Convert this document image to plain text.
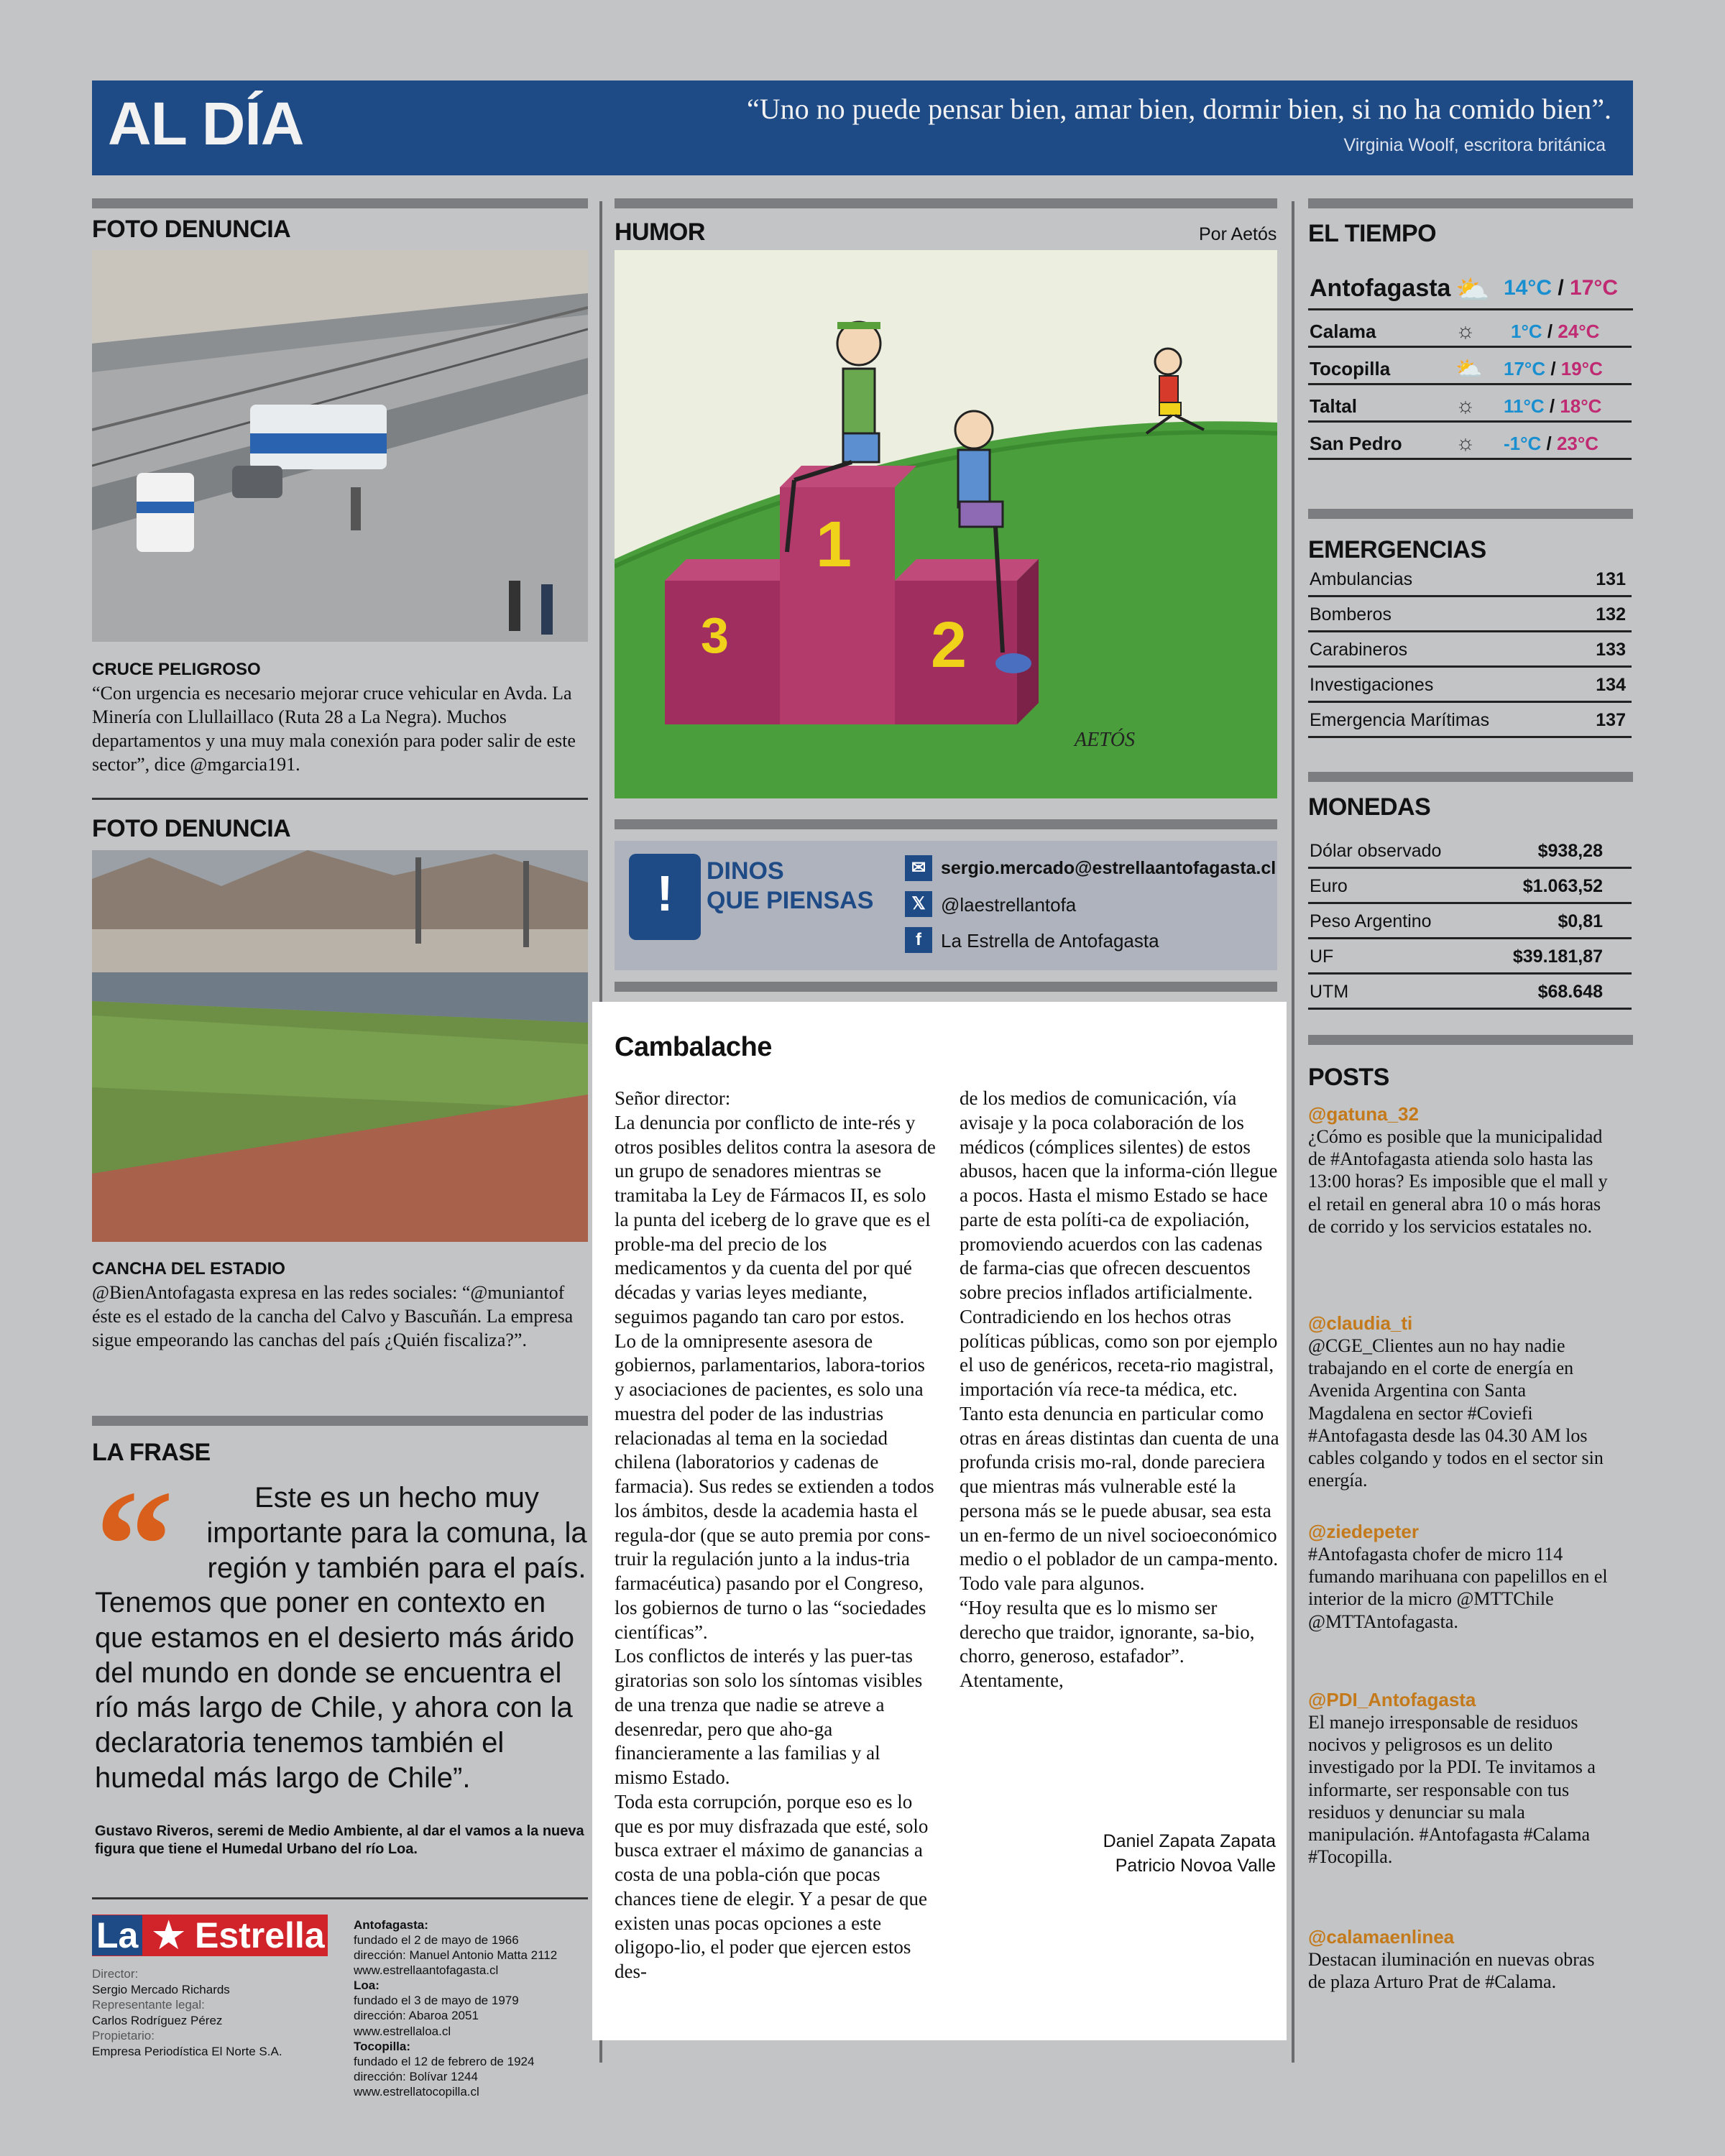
AL DÍA	“Uno no puede pensar bien, amar bien, dormir bien, si no ha comido bien”.
Virginia Woolf, escritora británica
FOTO DENUNCIA
CRUCE PELIGROSO
“Con urgencia es necesario mejorar cruce vehicular en Avda. La Minería con Llullaillaco (Ruta 28 a La Negra). Muchos departamentos y una muy mala conexión para poder salir de este sector”, dice @mgarcia191.
FOTO DENUNCIA
CANCHA DEL ESTADIO
@BienAntofagasta expresa en las redes sociales: “@muniantof éste es el estado de la cancha del Calvo y Bascuñán. La empresa sigue empeorando las canchas del país ¿Quién fiscaliza?”.
LA FRASE
“	Este es un hecho muy importante para la comuna, la región y también para el país.
Tenemos que poner en contexto en que estamos en el desierto más árido del mundo en donde se encuentra el río más largo de Chile, y ahora con la declaratoria tenemos también el humedal más largo de Chile”.
Gustavo Riveros, seremi de Medio Ambiente, al dar el vamos a la nueva figura que tiene el Humedal Urbano del río Loa.
La ★ Estrella
Director:
Sergio Mercado Richards
Representante legal:
Carlos Rodríguez Pérez
Propietario:
Empresa Periodística El Norte S.A.
Antofagasta:
fundado el 2 de mayo de 1966
dirección: Manuel Antonio Matta 2112
www.estrellaantofagasta.cl
Loa:
fundado el 3 de mayo de 1979
dirección: Abaroa 2051
www.estrellaloa.cl
Tocopilla:
fundado el 12 de febrero de 1924
dirección: Bolívar 1244
www.estrellatocopilla.cl
HUMOR	Por Aetós
1
2
3
AETÓS
!	DINOS
QUE PIENSAS
✉ sergio.mercado@estrellaantofagasta.cl
𝕏 @laestrellantofa
f	La Estrella de Antofagasta
Cambalache
Señor director:
La denuncia por conflicto de inte-rés y otros posibles delitos contra la asesora de un grupo de senadores mientras se tramitaba la Ley de Fármacos II, es solo la punta del iceberg de lo grave que es el proble-ma del precio de los medicamentos y da cuenta del por qué décadas y varias leyes mediante, seguimos pagando tan caro por estos.
Lo de la omnipresente asesora de gobiernos, parlamentarios, labora-torios y asociaciones de pacientes, es solo una muestra del poder de las industrias relacionadas al tema en la sociedad chilena (laboratorios y cadenas de farmacia). Sus redes se extienden a todos los ámbitos, desde la academia hasta el regula-dor (que se auto premia por cons-truir la regulación junto a la indus-tria farmacéutica) pasando por el Congreso, los gobiernos de turno o las “sociedades científicas”.
Los conflictos de interés y las puer-tas giratorias son solo los síntomas visibles de una trenza que nadie se atreve a desenredar, pero que aho-ga financieramente a las familias y al mismo Estado.
Toda esta corrupción, porque eso es lo que es por muy disfrazada que esté, solo busca extraer el máximo de ganancias a costa de una pobla-ción que pocas chances tiene de elegir. Y a pesar de que existen unas pocas opciones a este oligopo-lio, el poder que ejercen estos des-
de los medios de comunicación, vía avisaje y la poca colaboración de los médicos (cómplices silentes) de estos abusos, hacen que la informa-ción llegue a pocos. Hasta el mismo Estado se hace parte de esta políti-ca de expoliación, promoviendo acuerdos con las cadenas de farma-cias que ofrecen descuentos sobre precios inflados artificialmente.
Contradiciendo en los hechos otras políticas públicas, como son por ejemplo el uso de genéricos, receta-rio magistral, importación vía rece-ta médica, etc.
Tanto esta denuncia en particular como otras en áreas distintas dan cuenta de una profunda crisis mo-ral, donde pareciera que mientras más vulnerable esté la persona más se le puede abusar, sea esta un en-fermo de un nivel socioeconómico medio o el poblador de un campa-mento. Todo vale para algunos.
“Hoy resulta que es lo mismo ser derecho que traidor, ignorante, sa-bio, chorro, generoso, estafador”.
Atentamente,
Daniel Zapata Zapata
Patricio Novoa Valle
EL TIEMPO
Antofagasta ⛅ 14°C / 17°C
Calama	☼ 1°C / 24°C
Tocopilla	⛅ 17°C / 19°C
Taltal	☼ 11°C / 18°C
San Pedro ☼ -1°C / 23°C
EMERGENCIAS
Ambulancias	131
Bomberos	132
Carabineros	133
Investigaciones	134
Emergencia Marítimas	137
MONEDAS
Dólar observado	$938,28
Euro	$1.063,52
Peso Argentino	$0,81
UF	$39.181,87
UTM	$68.648
POSTS
@gatuna_32
¿Cómo es posible que la municipalidad de #Antofagasta atienda solo hasta las 13:00 horas? Es imposible que el mall y el retail en general abra 10 o más horas de corrido y los servicios estatales no.
@claudia_ti
@CGE_Clientes aun no hay nadie trabajando en el corte de energía en Avenida Argentina con Santa Magdalena en sector #Coviefi #Antofagasta desde las 04.30 AM los cables colgando y todos en el sector sin energía.
@ziedepeter
#Antofagasta chofer de micro 114 fumando marihuana con papelillos en el interior de la micro @MTTChile @MTTAntofagasta.
@PDI_Antofagasta
El manejo irresponsable de residuos nocivos y peligrosos es un delito investigado por la PDI. Te invitamos a informarte, ser responsable con tus residuos y denunciar su mala manipulación. #Antofagasta #Calama #Tocopilla.
@calamaenlinea
Destacan iluminación en nuevas obras de plaza Arturo Prat de #Calama.
